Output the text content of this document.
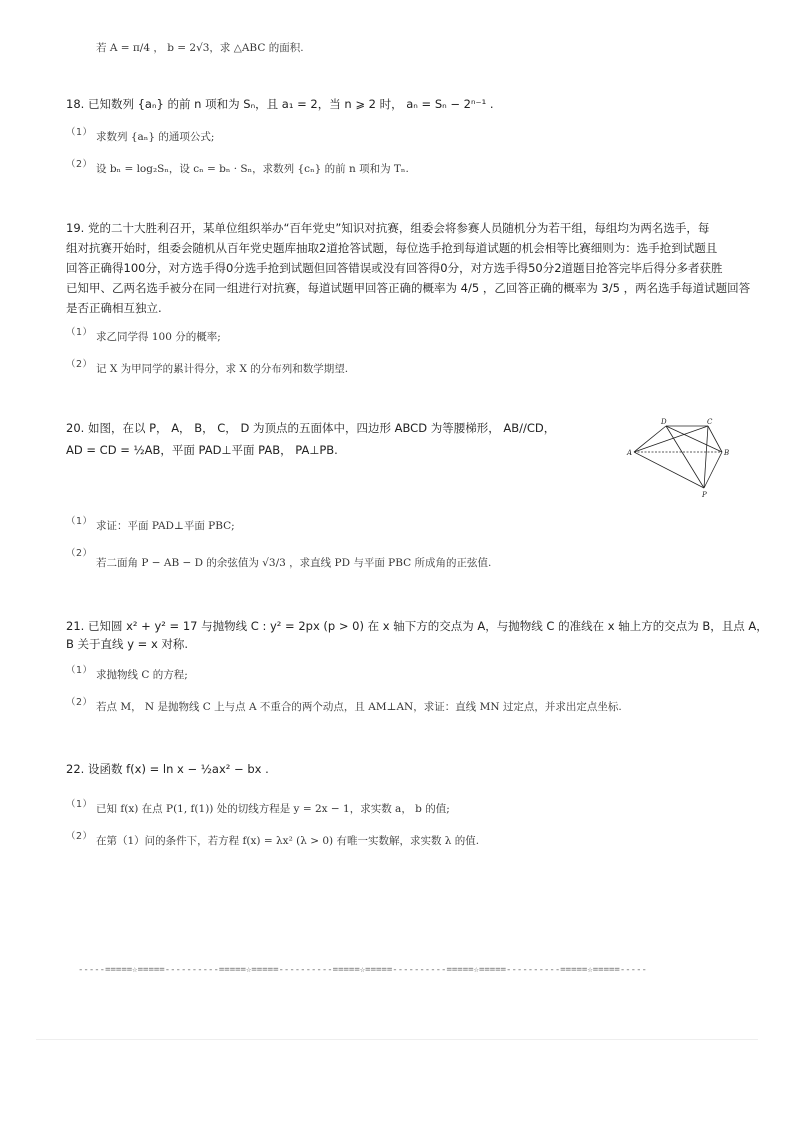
若 A = π/4 ， b = 2√3，求 △ABC 的面积.
18. 已知数列 {aₙ} 的前 n 项和为 Sₙ，且 a₁ = 2，当 n ⩾ 2 时， aₙ = Sₙ − 2ⁿ⁻¹ .
（1） 求数列 {aₙ} 的通项公式;
（2） 设 bₙ = log₂Sₙ，设 cₙ = bₙ · Sₙ，求数列 {cₙ} 的前 n 项和为 Tₙ.
19. 党的二十大胜利召开，某单位组织举办“百年党史”知识对抗赛，组委会将参赛人员随机分为若干组，每组均为两名选手，每
组对抗赛开始时，组委会随机从百年党史题库抽取2道抢答试题，每位选手抢到每道试题的机会相等比赛细则为：选手抢到试题且
回答正确得100分，对方选手得0分选手抢到试题但回答错误或没有回答得0分，对方选手得50分2道题目抢答完毕后得分多者获胜
已知甲、乙两名选手被分在同一组进行对抗赛，每道试题甲回答正确的概率为 4/5 ，乙回答正确的概率为 3/5 ，两名选手每道试题回答
是否正确相互独立.
（1） 求乙同学得 100 分的概率;
（2） 记 X 为甲同学的累计得分，求 X 的分布列和数学期望.
20. 如图，在以 P， A， B， C， D 为顶点的五面体中，四边形 ABCD 为等腰梯形， AB//CD，
AD = CD = ½AB，平面 PAD⊥平面 PAB， PA⊥PB.
D	C
A	B
P
（1） 求证：平面 PAD⊥平面 PBC;
（2）
若二面角 P − AB − D 的余弦值为 √3/3 ，求直线 PD 与平面 PBC 所成角的正弦值.
21. 已知圆 x² + y² = 17 与抛物线 C : y² = 2px (p > 0) 在 x 轴下方的交点为 A，与抛物线 C 的准线在 x 轴上方的交点为 B，且点 A，
B 关于直线 y = x 对称.
（1） 求抛物线 C 的方程;
（2） 若点 M， N 是抛物线 C 上与点 A 不重合的两个动点，且 AM⊥AN，求证：直线 MN 过定点，并求出定点坐标.
22. 设函数 f(x) = ln x − ½ax² − bx .
（1） 已知 f(x) 在点 P(1, f(1)) 处的切线方程是 y = 2x − 1，求实数 a， b 的值;
（2） 在第（1）问的条件下，若方程 f(x) = λx² (λ > 0) 有唯一实数解，求实数 λ 的值.
-----=====☆=====----------=====☆=====----------=====☆=====----------=====☆=====----------=====☆=====-----
